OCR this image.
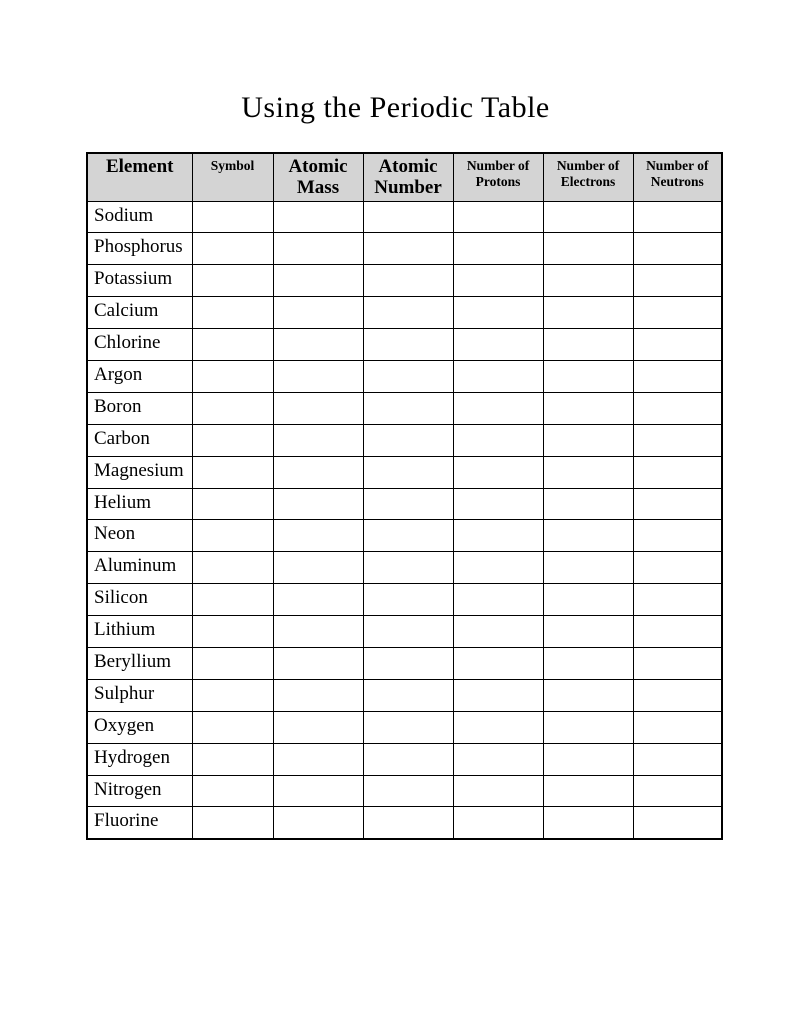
Using the Periodic Table
Element	Symbol	Atomic Mass	Atomic Number	Number of Protons	Number of Electrons	Number of Neutrons
Sodium						
Phosphorus						
Potassium						
Calcium						
Chlorine						
Argon						
Boron						
Carbon						
Magnesium						
Helium						
Neon						
Aluminum						
Silicon						
Lithium						
Beryllium						
Sulphur						
Oxygen						
Hydrogen						
Nitrogen						
Fluorine						
